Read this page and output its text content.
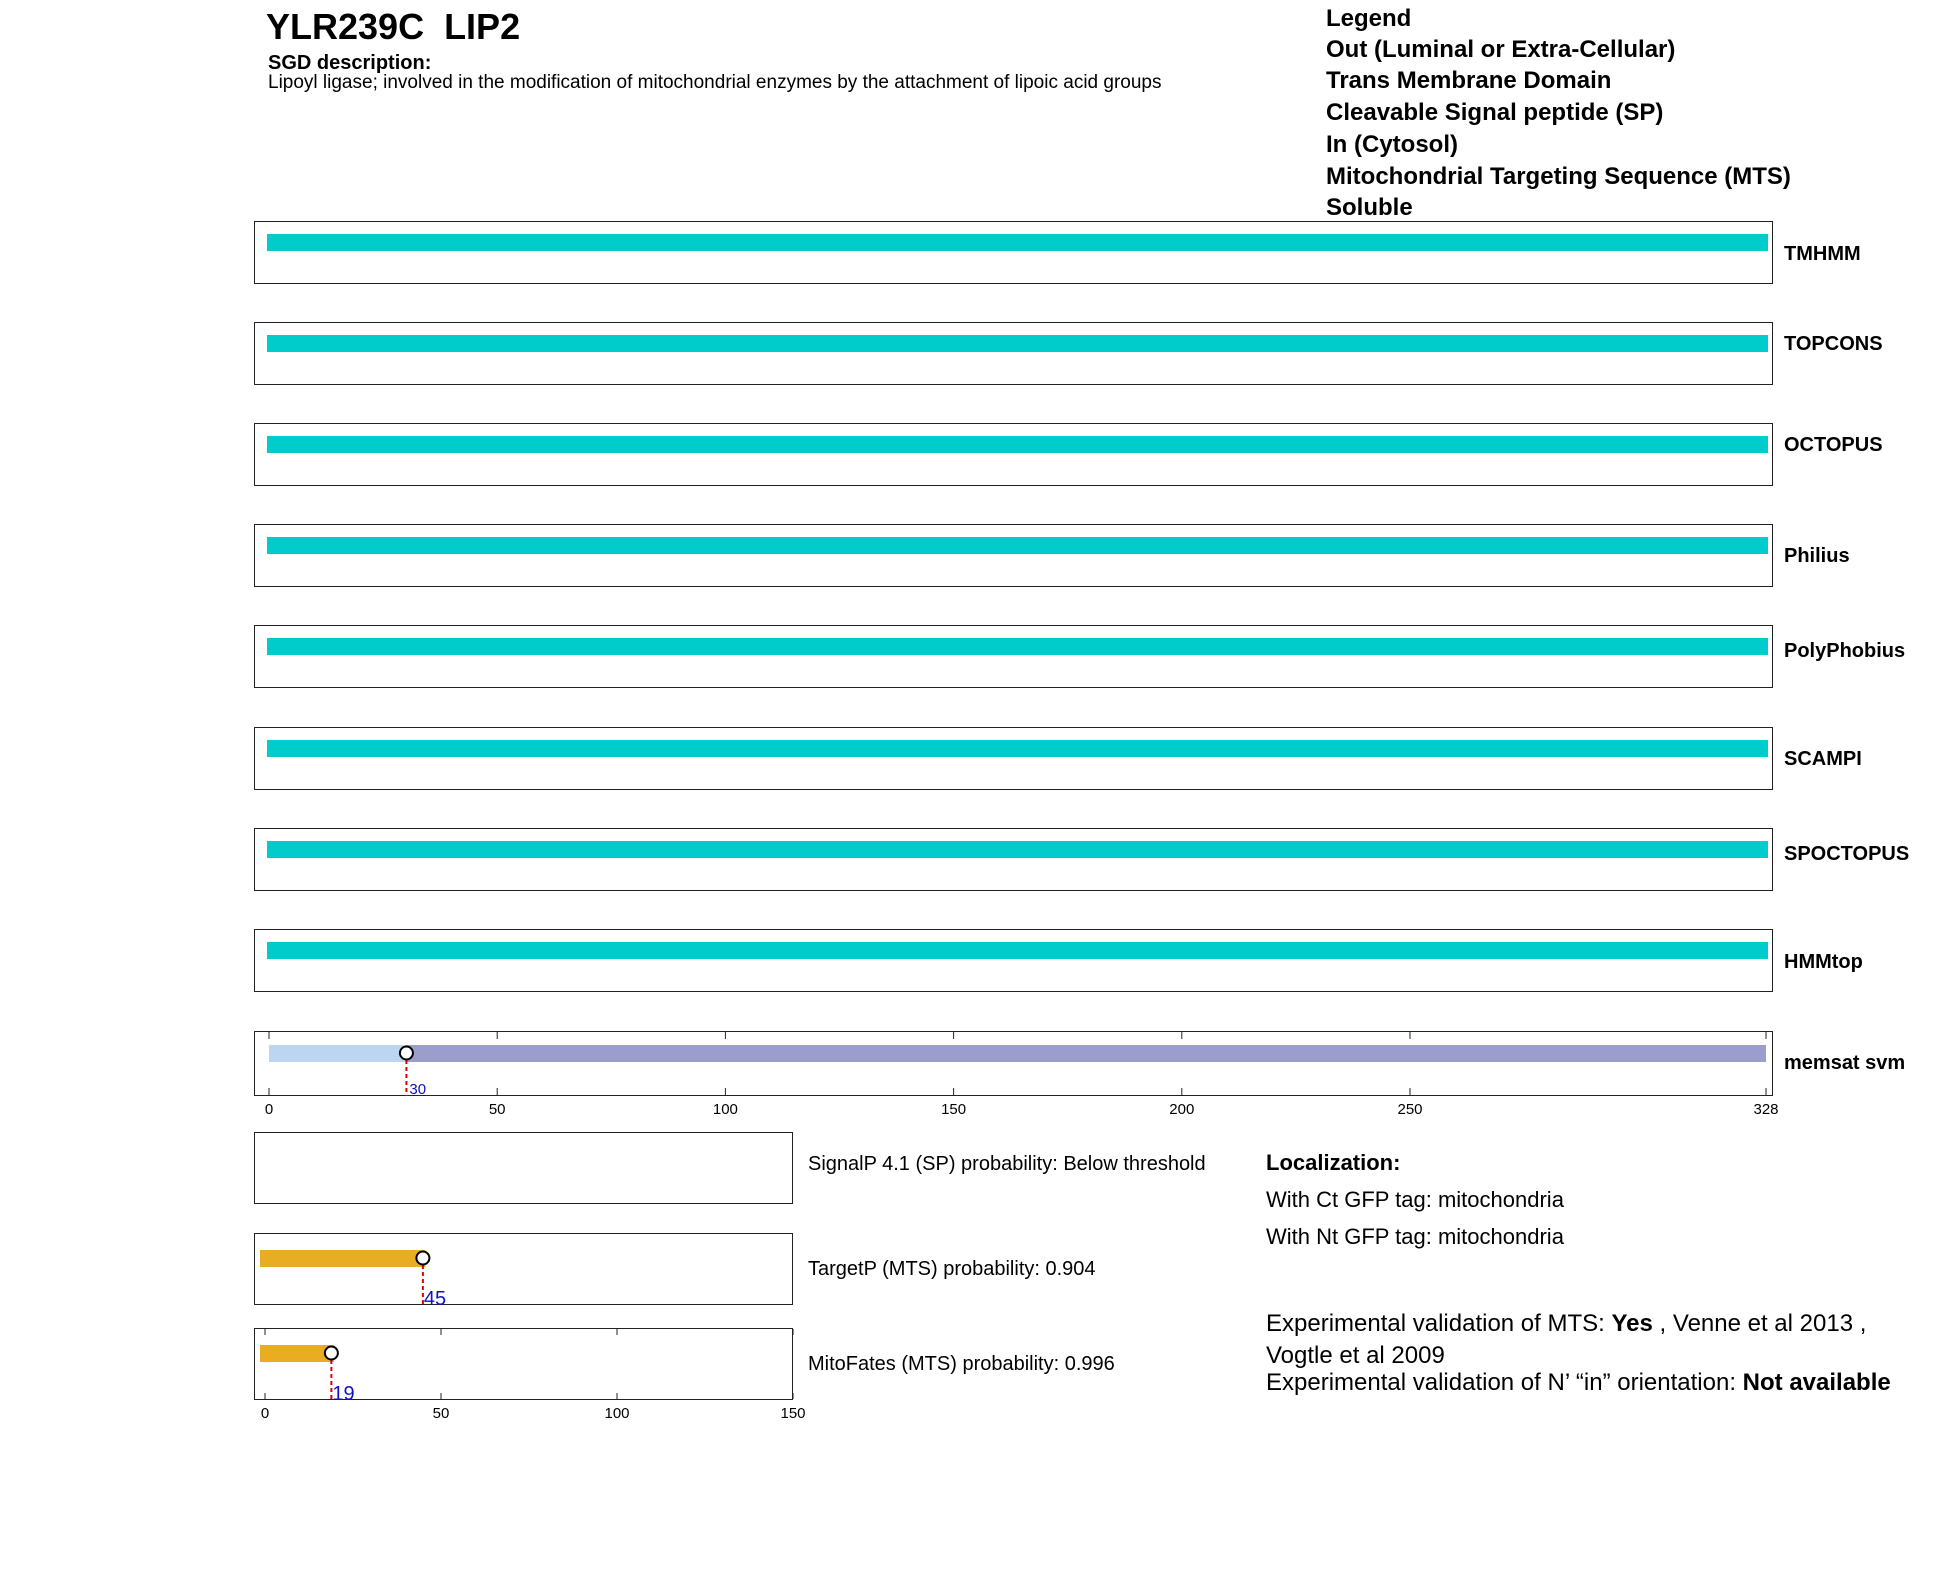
YLR239C  LIP2
SGD description:
Lipoyl ligase; involved in the modification of mitochondrial enzymes by the attachment of lipoic acid groups
Legend
Out (Luminal or Extra-Cellular)
Trans Membrane Domain
Cleavable Signal peptide (SP)
In (Cytosol)
Mitochondrial Targeting Sequence (MTS)
Soluble
TMHMM
TOPCONS
OCTOPUS
Philius
PolyPhobius
SCAMPI
SPOCTOPUS
HMMtop
0	50	100	150	200	250	328
30
memsat svm
45
19
0	50	100	150
SignalP 4.1 (SP) probability: Below threshold
TargetP (MTS) probability: 0.904
MitoFates (MTS) probability: 0.996
Localization:
With Ct GFP tag: mitochondria
With Nt GFP tag: mitochondria
Experimental validation of MTS: Yes , Venne et al 2013 , Vogtle et al 2009
Experimental validation of N’ “in” orientation: Not available
